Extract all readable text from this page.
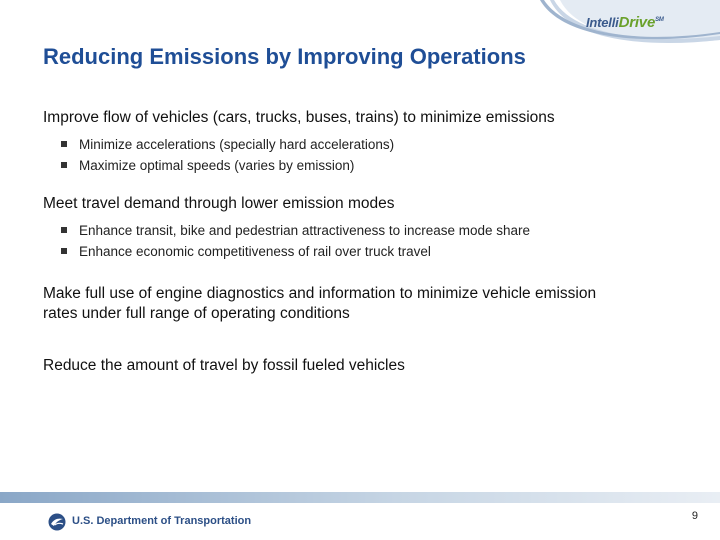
IntelliDrive℠
Reducing Emissions by Improving Operations
Improve flow of vehicles (cars, trucks, buses, trains) to minimize emissions
Minimize accelerations (specially hard accelerations)
Maximize optimal speeds (varies by emission)
Meet travel demand through lower emission modes
Enhance transit, bike and pedestrian attractiveness to increase mode share
Enhance economic competitiveness of rail over truck travel
Make full use of engine diagnostics and information to minimize vehicle emission rates under full range of operating conditions
Reduce the amount of travel by fossil fueled vehicles
U.S. Department of Transportation	9
